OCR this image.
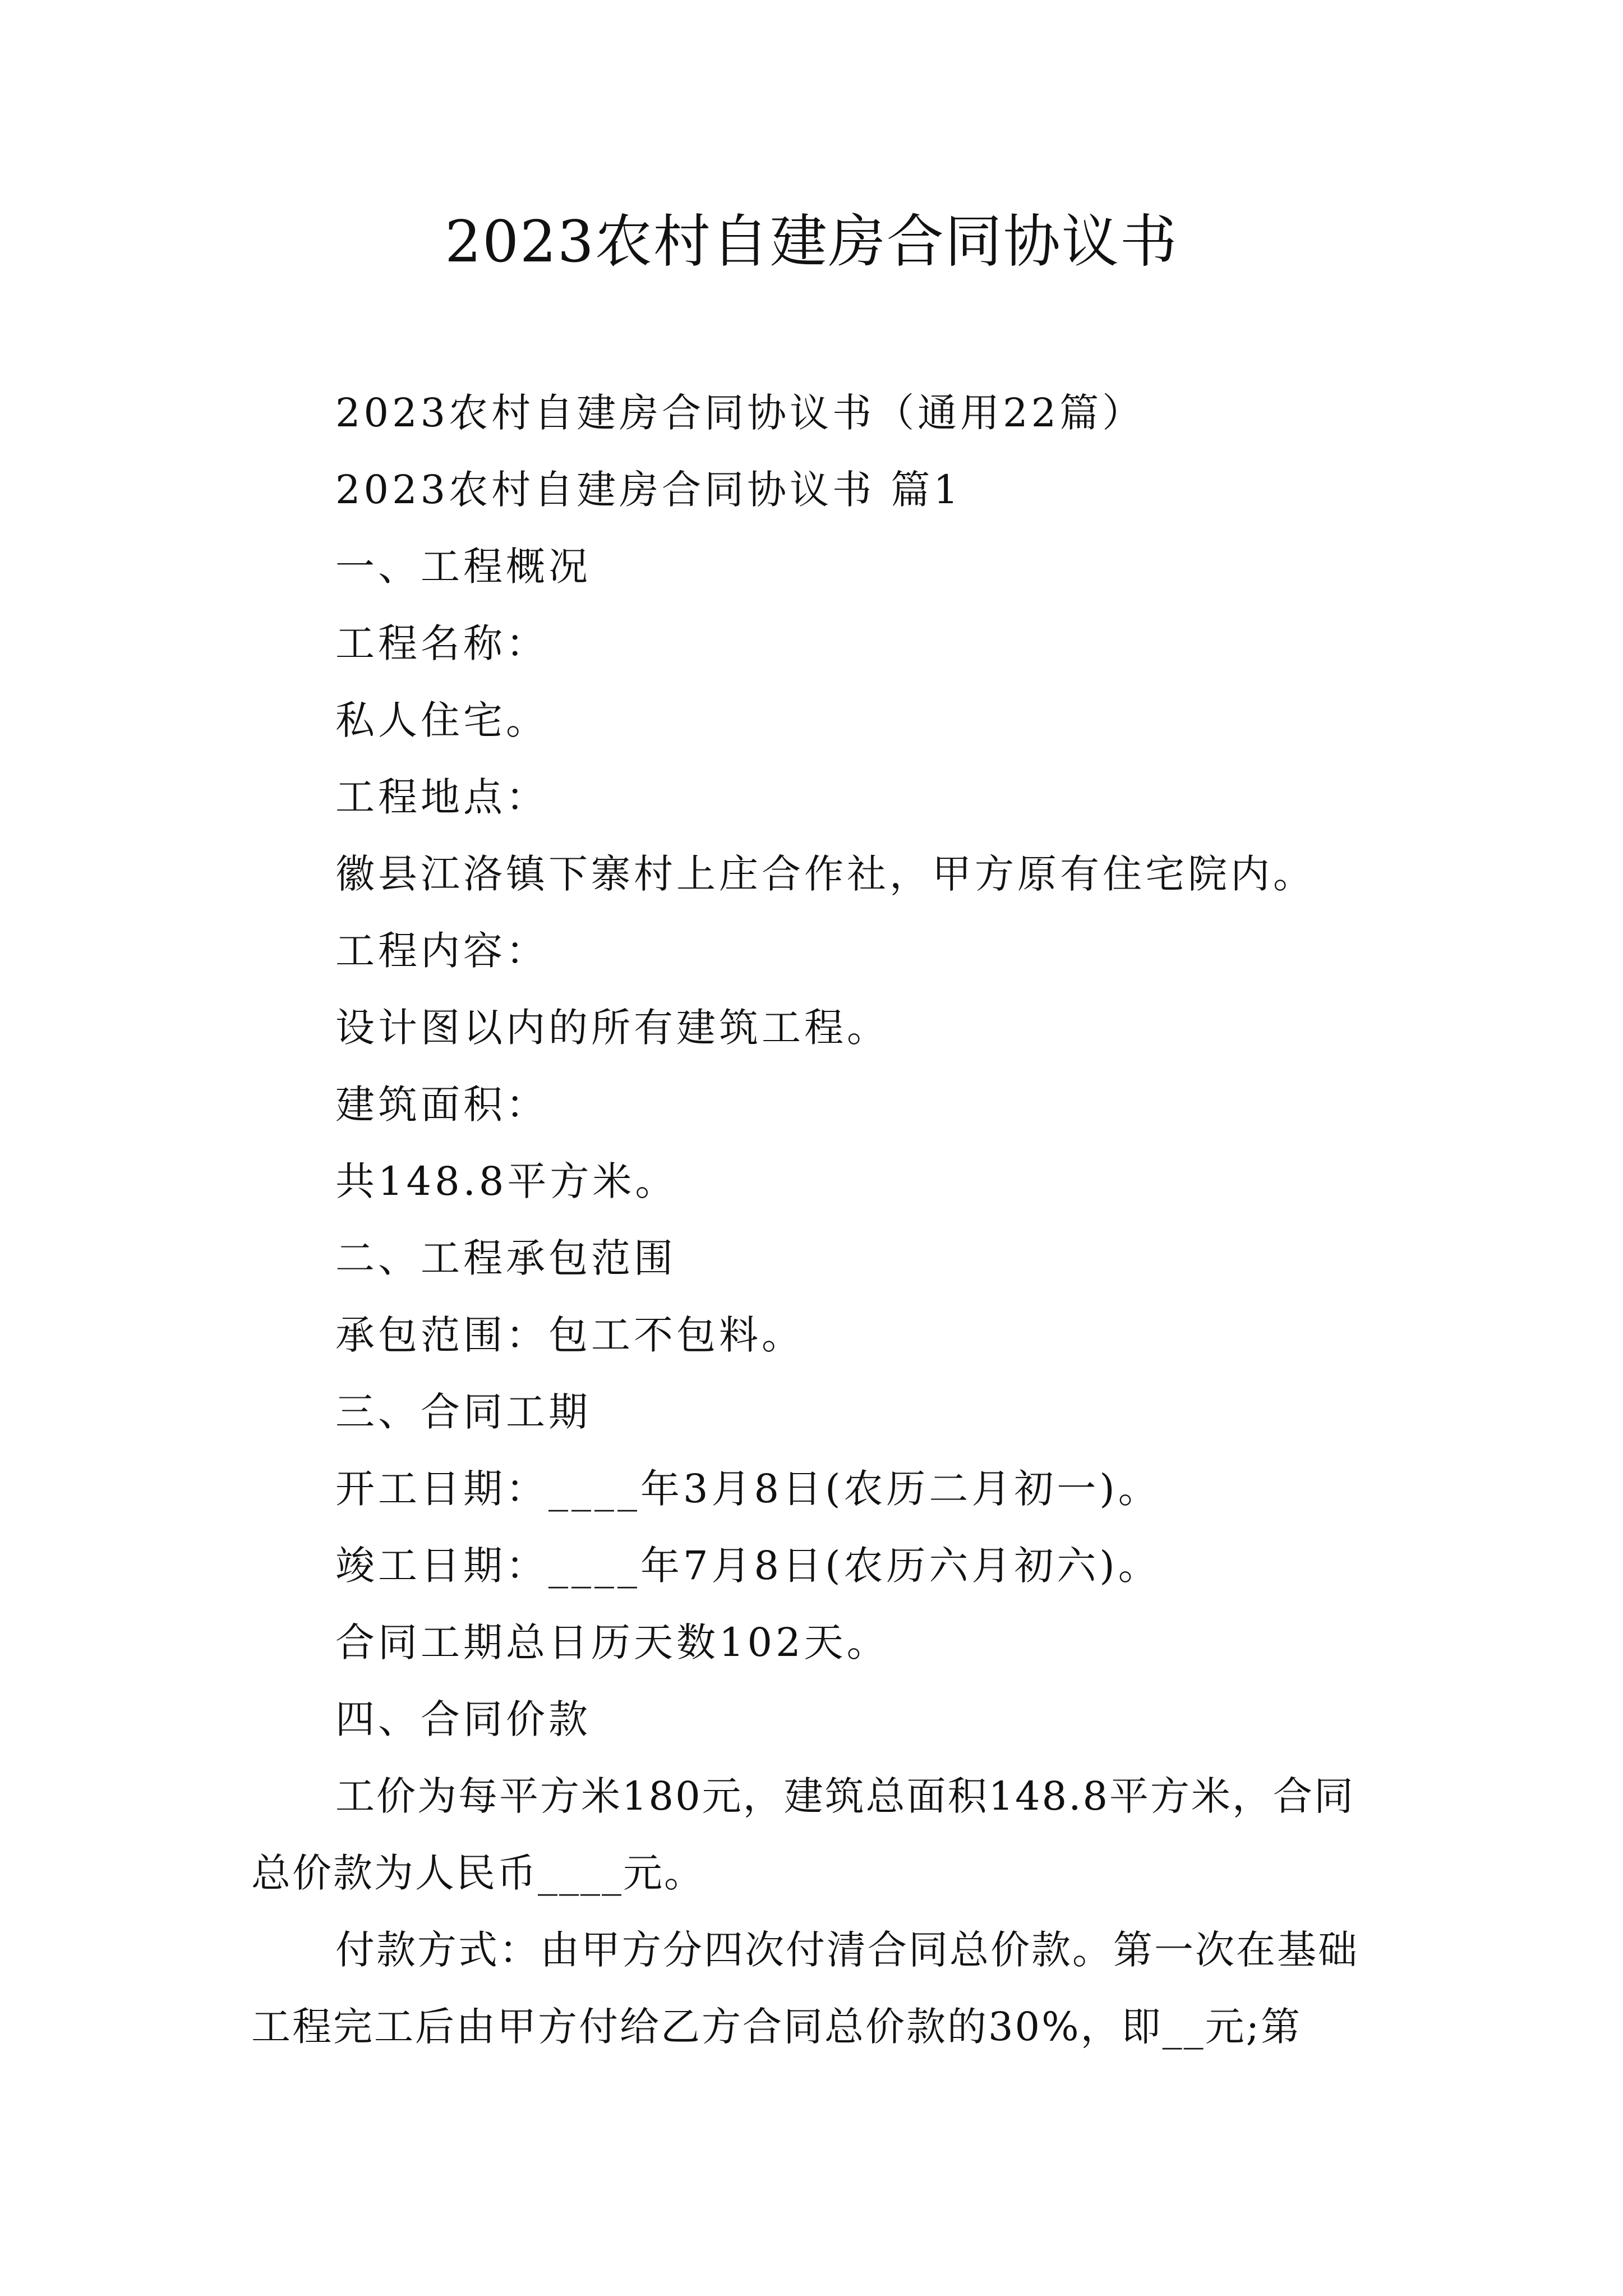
2023农村自建房合同协议书

2023农村自建房合同协议书（通用22篇）

2023农村自建房合同协议书 篇1

一、工程概况

工程名称：

私人住宅。

工程地点：

徽县江洛镇下寨村上庄合作社，甲方原有住宅院内。

工程内容：

设计图以内的所有建筑工程。

建筑面积：

共148.8平方米。

二、工程承包范围

承包范围：包工不包料。

三、合同工期

开工日期：____年3月8日(农历二月初一)。

竣工日期：____年7月8日(农历六月初六)。

合同工期总日历天数102天。

四、合同价款

工价为每平方米180元，建筑总面积148.8平方米，合同总价款为人民币____元。

付款方式：由甲方分四次付清合同总价款。第一次在基础工程完工后由甲方付给乙方合同总价款的30%，即__元;第
